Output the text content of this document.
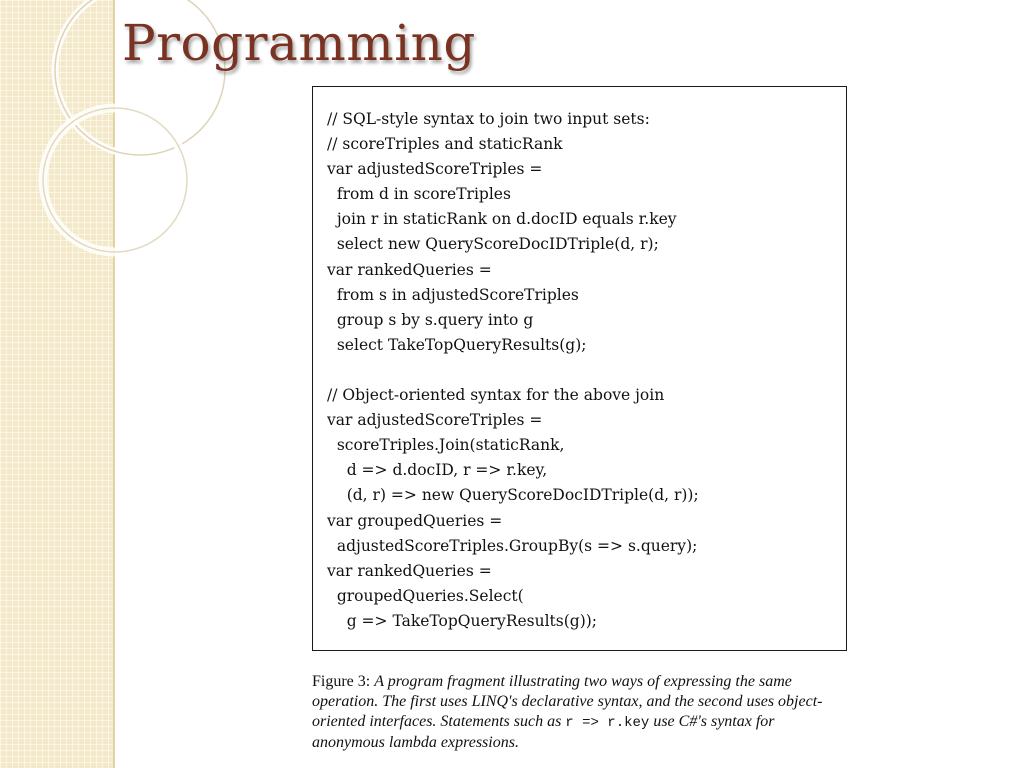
Programming
// SQL-style syntax to join two input sets:
// scoreTriples and staticRank
var adjustedScoreTriples =
from d in scoreTriples
join r in staticRank on d.docID equals r.key
select new QueryScoreDocIDTriple(d, r);
var rankedQueries =
from s in adjustedScoreTriples
group s by s.query into g
select TakeTopQueryResults(g);

// Object-oriented syntax for the above join
var adjustedScoreTriples =
scoreTriples.Join(staticRank,
d => d.docID, r => r.key,
(d, r) => new QueryScoreDocIDTriple(d, r));
var groupedQueries =
adjustedScoreTriples.GroupBy(s => s.query);
var rankedQueries =
groupedQueries.Select(
g => TakeTopQueryResults(g));
Figure 3: A program fragment illustrating two ways of expressing the same operation. The first uses LINQ's declarative syntax, and the second uses object-oriented interfaces. Statements such as r => r.key use C#'s syntax for anonymous lambda expressions.
